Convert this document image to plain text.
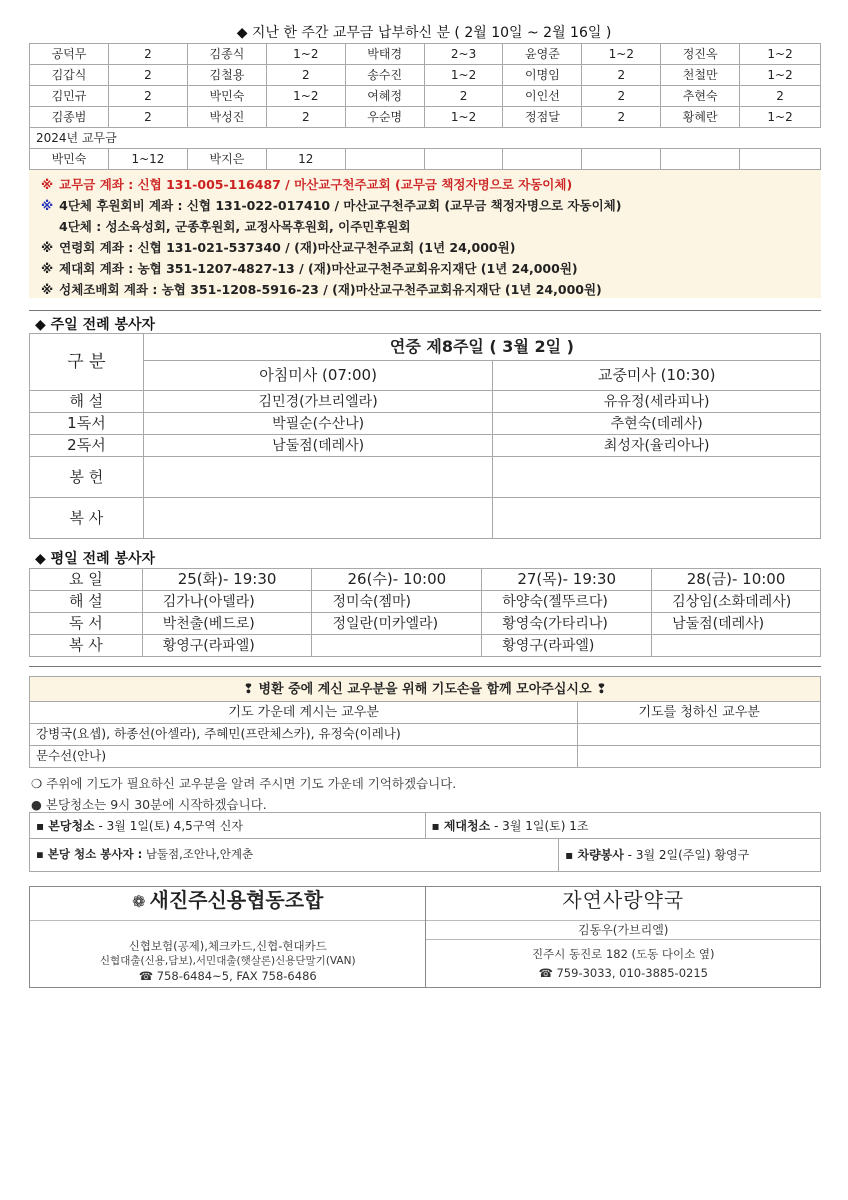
◆ 지난 한 주간 교무금 납부하신 분 ( 2월 10일 ~ 2월 16일 )
공덕무	2	김종식	1~2	박태경	2~3	윤영준	1~2	정진옥	1~2
김갑식	2	김철용	2	송수진	1~2	이명임	2	천철만	1~2
김민규	2	박민숙	1~2	여혜정	2	이인선	2	추현숙	2
김종범	2	박성진	2	우순명	1~2	정점달	2	황혜란	1~2
2024년 교무금									
박민숙	1~12	박지은	12						
※ 교무금 계좌 : 신협 131-005-116487 / 마산교구천주교회 (교무금 책정자명으로 자동이체)
※ 4단체 후원회비 계좌 : 신협 131-022-017410 / 마산교구천주교회 (교무금 책정자명으로 자동이체)
4단체 : 성소육성회, 군종후원회, 교정사목후원회, 이주민후원회
※ 연령회 계좌 : 신협 131-021-537340 / (재)마산교구천주교회 (1년 24,000원)
※ 제대회 계좌 : 농협 351-1207-4827-13 / (재)마산교구천주교회유지재단 (1년 24,000원)
※ 성체조배회 계좌 : 농협 351-1208-5916-23 / (재)마산교구천주교회유지재단 (1년 24,000원)
◆ 주일 전례 봉사자
구 분	연중 제8주일 ( 3월 2일 )	
	아침미사 (07:00)	교중미사 (10:30)
해 설	김민경(가브리엘라)	유유정(세라피나)
1독서	박필순(수산나)	추현숙(데레사)
2독서	남둘점(데레사)	최성자(율리아나)
봉 헌		
복 사		
◆ 평일 전례 봉사자
요 일	25(화)- 19:30	26(수)- 10:00	27(목)- 19:30	28(금)- 10:00
해 설	김가나(아델라)	정미숙(젬마)	하양숙(젤뚜르다)	김상임(소화데레사)
독 서	박천출(베드로)	정일란(미카엘라)	황영숙(가타리나)	남둘점(데레사)
복 사	황영구(라파엘)		황영구(라파엘)	
❢ 병환 중에 계신 교우분을 위해 기도손을 함께 모아주십시오 ❢	
기도 가운데 계시는 교우분	기도를 청하신 교우분
강병국(요셉), 하종선(아셀라), 주혜민(프란체스카), 유정숙(이레나)	
문수선(안나)	
❍ 주위에 기도가 필요하신 교우분을 알려 주시면 기도 가운데 기억하겠습니다.
● 본당청소는 9시 30분에 시작하겠습니다.
▪ 본당청소 - 3월 1일(토) 4,5구역 신자	▪ 제대청소 - 3월 1일(토) 1조	
▪ 본당 청소 봉사자 : 남둘점,조안나,안계춘		▪ 차량봉사 - 3월 2일(주일) 황영구
❁ 새진주신용협동조합
신협보험(공제),체크카드,신협-현대카드
신협대출(신용,담보),서민대출(햇살론)신용단말기(VAN)
☎ 758-6484~5, FAX 758-6486

자연사랑약국
김동우(가브리엘)
진주시 동진로 182 (도동 다이소 옆)
☎ 759-3033, 010-3885-0215
